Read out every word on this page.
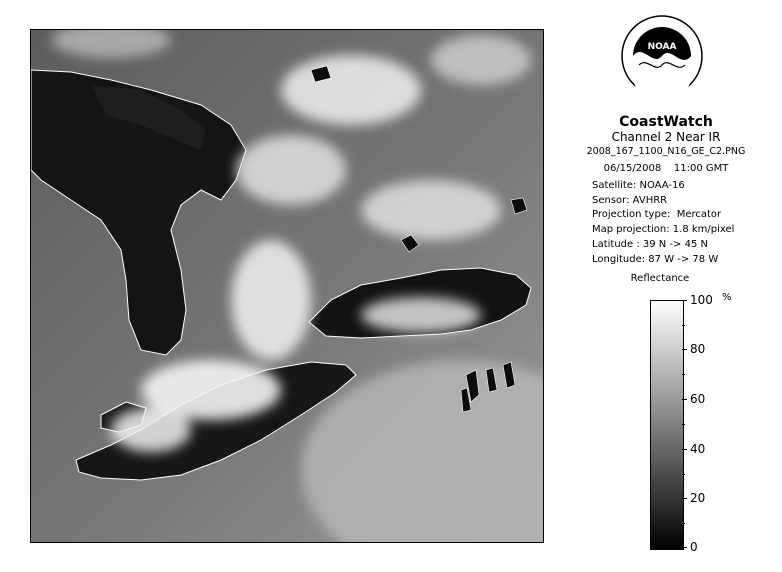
NOAA
CoastWatch
Channel 2 Near IR
2008_167_1100_N16_GE_C2.PNG
06/15/2008    11:00 GMT
Satellite: NOAA-16
Sensor: AVHRR
Projection type:  Mercator
Map projection: 1.8 km/pixel
Latitude : 39 N -> 45 N
Longitude: 87 W -> 78 W
Reflectance
%
100
80
60
40
20
0
